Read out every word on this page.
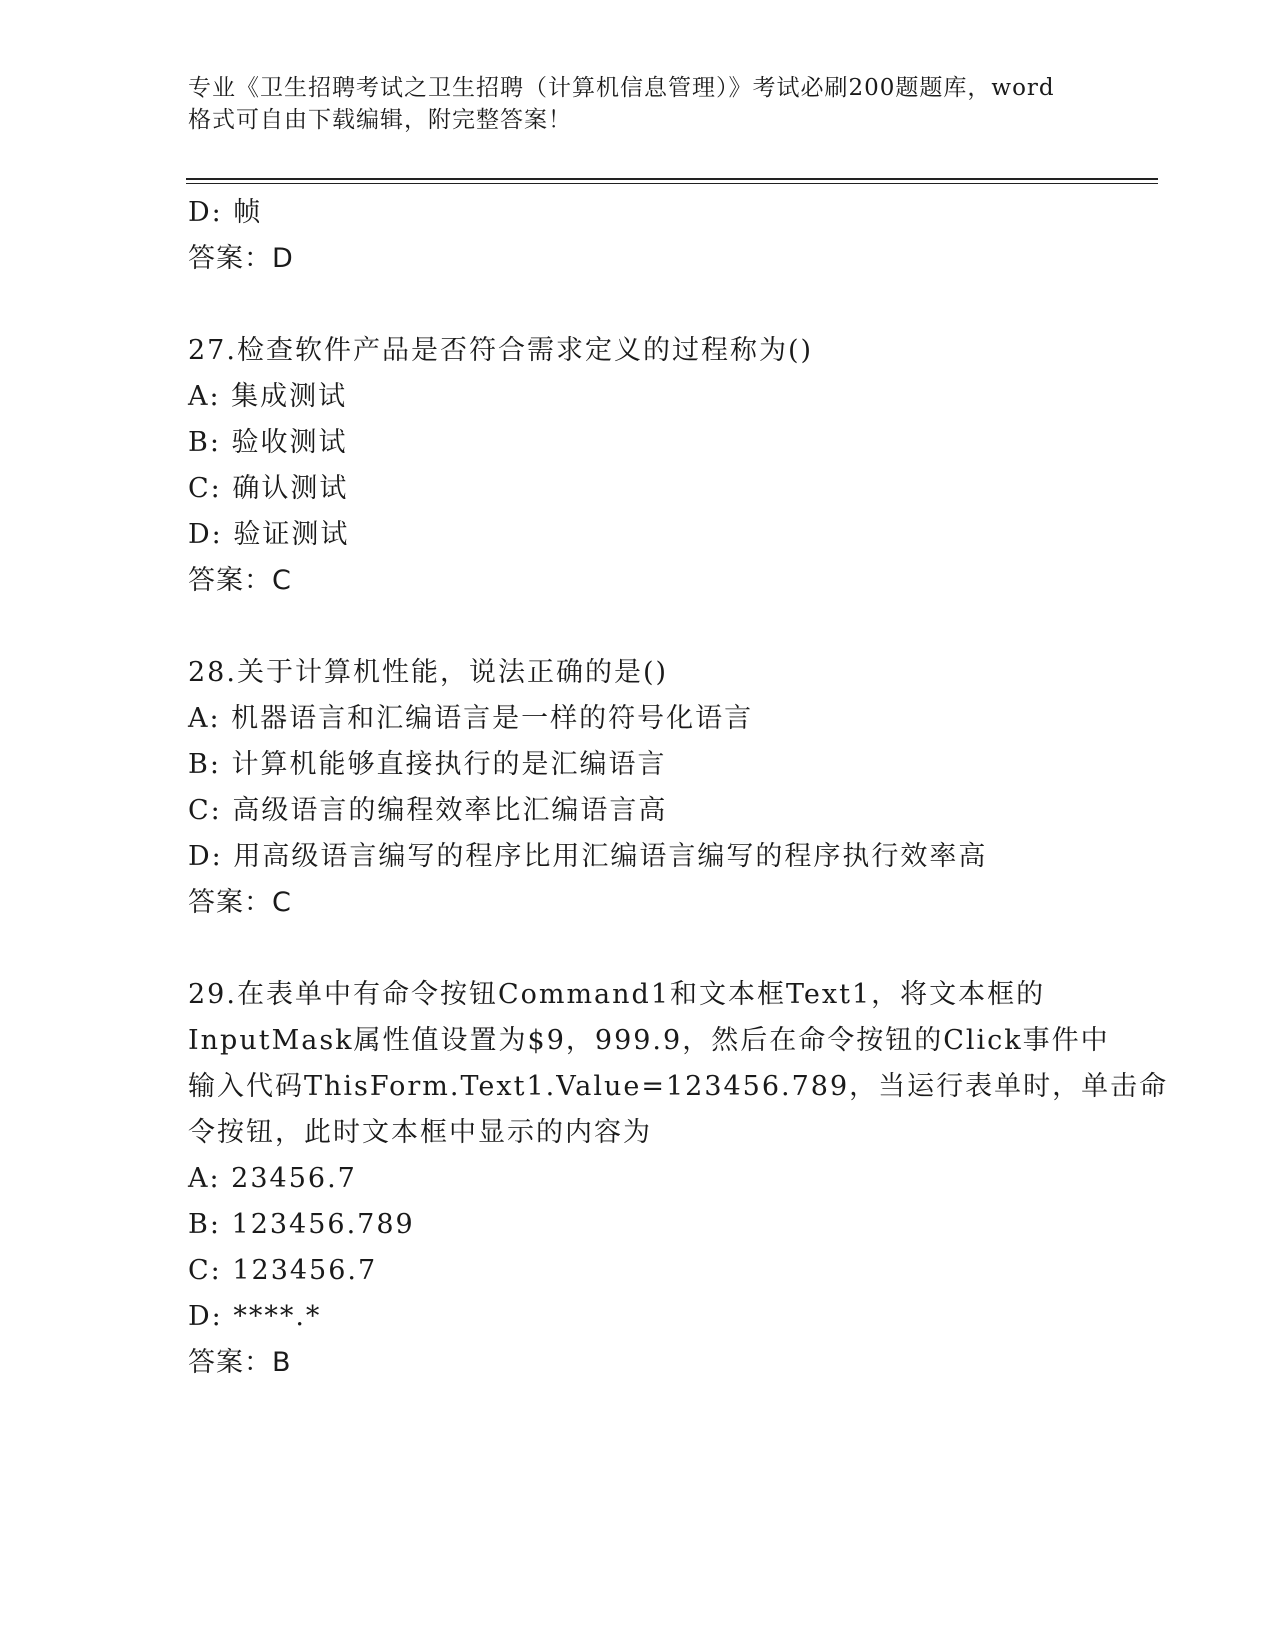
专业《卫生招聘考试之卫生招聘（计算机信息管理）》考试必刷200题题库，word
格式可自由下载编辑，附完整答案！
D: 帧
答案：D
27.检查软件产品是否符合需求定义的过程称为()
A: 集成测试
B: 验收测试
C: 确认测试
D: 验证测试
答案：C
28.关于计算机性能，说法正确的是()
A: 机器语言和汇编语言是一样的符号化语言
B: 计算机能够直接执行的是汇编语言
C: 高级语言的编程效率比汇编语言高
D: 用高级语言编写的程序比用汇编语言编写的程序执行效率高
答案：C
29.在表单中有命令按钮Command1和文本框Text1，将文本框的
InputMask属性值设置为$9，999.9，然后在命令按钮的Click事件中
输入代码ThisForm.Text1.Value=123456.789，当运行表单时，单击命
令按钮，此时文本框中显示的内容为
A: 23456.7
B: 123456.789
C: 123456.7
D: ****.*
答案：B
